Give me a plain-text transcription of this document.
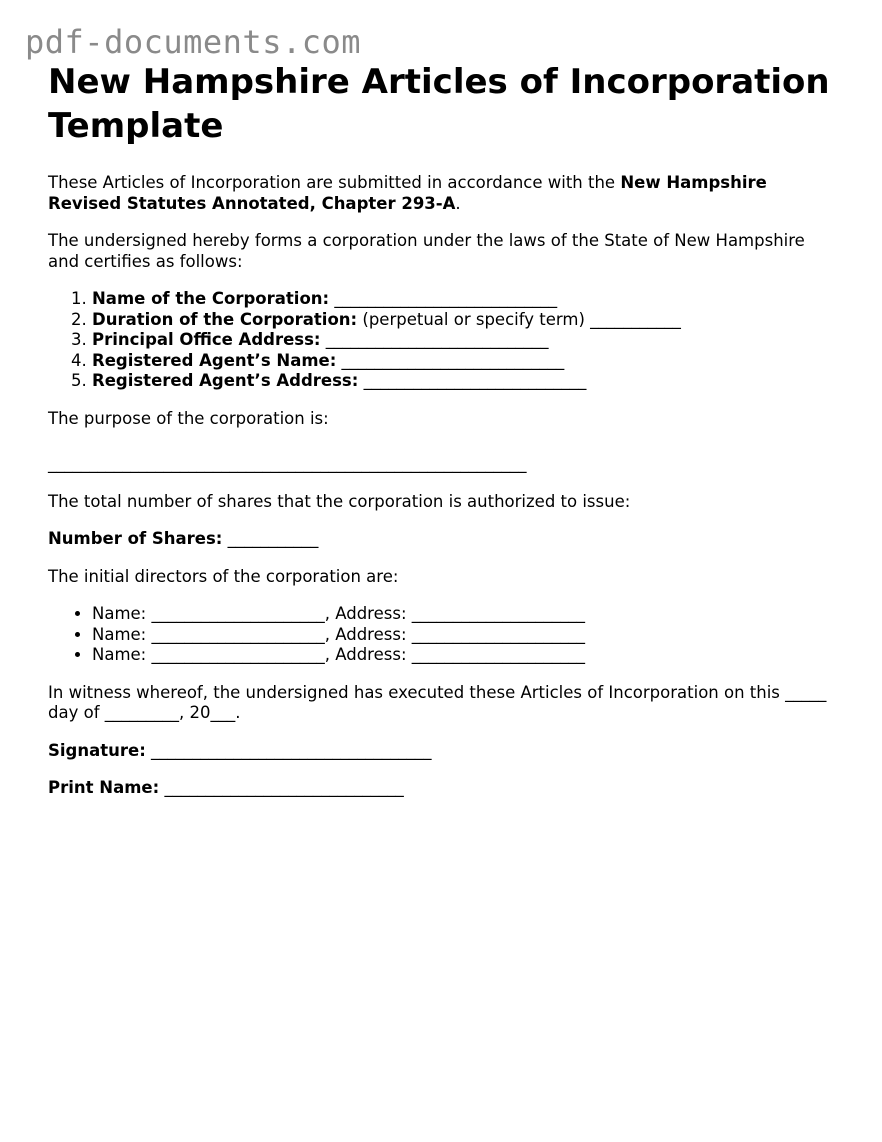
pdf-documents.com
New Hampshire Articles of Incorporation Template

These Articles of Incorporation are submitted in accordance with the New Hampshire Revised Statutes Annotated, Chapter 293-A.

The undersigned hereby forms a corporation under the laws of the State of New Hampshire and certifies as follows:

1. Name of the Corporation: ___________________________
2. Duration of the Corporation: (perpetual or specify term) ___________
3. Principal Office Address: ___________________________
4. Registered Agent’s Name: ___________________________
5. Registered Agent’s Address: ___________________________

The purpose of the corporation is:

__________________________________________________________

The total number of shares that the corporation is authorized to issue:

Number of Shares: ___________

The initial directors of the corporation are:

• Name: _____________________, Address: _____________________
• Name: _____________________, Address: _____________________
• Name: _____________________, Address: _____________________

In witness whereof, the undersigned has executed these Articles of Incorporation on this _____ day of _________, 20___.

Signature: __________________________________

Print Name: _____________________________
